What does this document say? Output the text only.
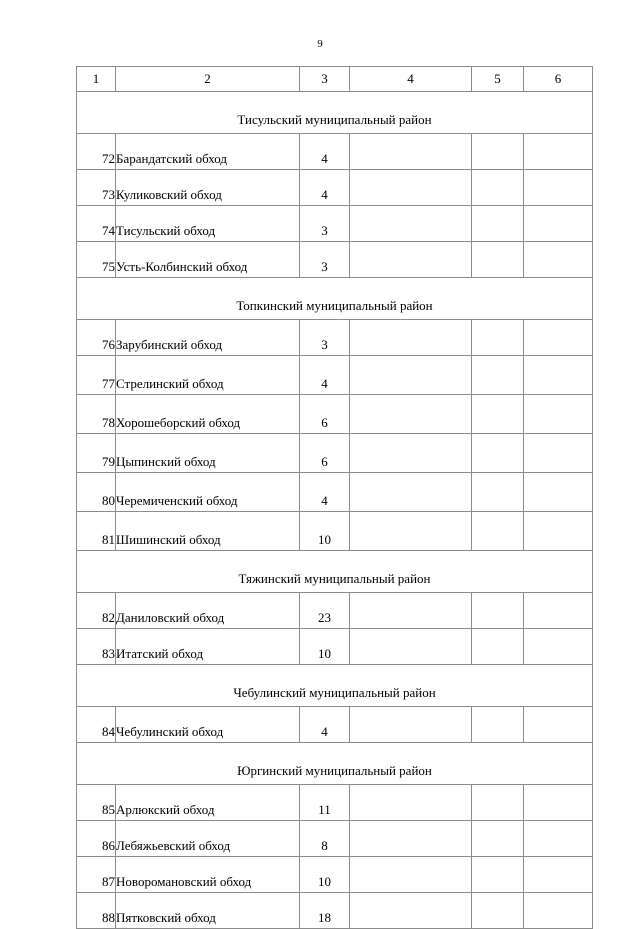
9
1	2	3	4	5	6
Тисульский муниципальный район					
72	Барандатский обход	4			
73	Куликовский обход	4			
74	Тисульский обход	3			
75	Усть-Колбинский обход	3			
Топкинский муниципальный район					
76	Зарубинский обход	3			
77	Стрелинский обход	4			
78	Хорошеборский обход	6			
79	Цыпинский обход	6			
80	Черемиченский обход	4			
81	Шишинский обход	10			
Тяжинский муниципальный район					
82	Даниловский обход	23			
83	Итатский обход	10			
Чебулинский муниципальный район					
84	Чебулинский обход	4			
Юргинский муниципальный район					
85	Арлюкский обход	11			
86	Лебяжьевский обход	8			
87	Новоромановский обход	10			
88	Пятковский обход	18			
